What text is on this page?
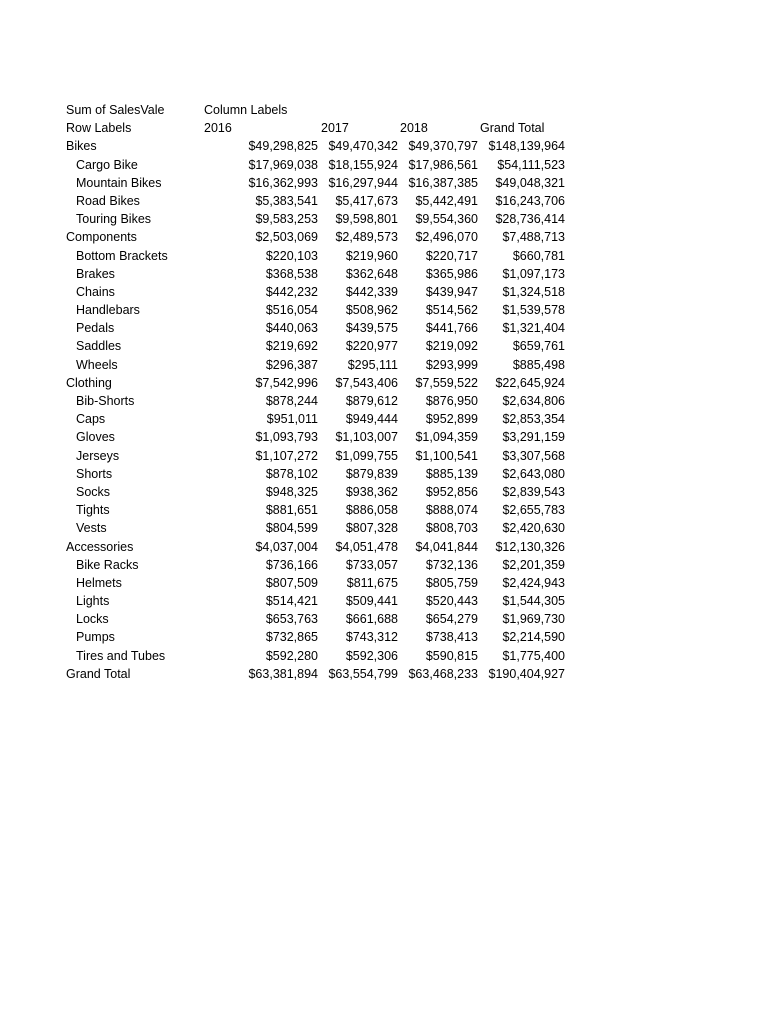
Sum of SalesVale	Column Labels
Row Labels	2016	2017	2018	Grand Total
Bikes	$49,298,825 $49,470,342 $49,370,797 $148,139,964
Cargo Bike	$17,969,038 $18,155,924 $17,986,561	$54,111,523
Mountain Bikes	$16,362,993 $16,297,944 $16,387,385	$49,048,321
Road Bikes	$5,383,541	$5,417,673	$5,442,491	$16,243,706
Touring Bikes	$9,583,253	$9,598,801	$9,554,360	$28,736,414
Components	$2,503,069	$2,489,573	$2,496,070	$7,488,713
Bottom Brackets	$220,103	$219,960	$220,717	$660,781
Brakes	$368,538	$362,648	$365,986	$1,097,173
Chains	$442,232	$442,339	$439,947	$1,324,518
Handlebars	$516,054	$508,962	$514,562	$1,539,578
Pedals	$440,063	$439,575	$441,766	$1,321,404
Saddles	$219,692	$220,977	$219,092	$659,761
Wheels	$296,387	$295,111	$293,999	$885,498
Clothing	$7,542,996	$7,543,406	$7,559,522	$22,645,924
Bib-Shorts	$878,244	$879,612	$876,950	$2,634,806
Caps	$951,011	$949,444	$952,899	$2,853,354
Gloves	$1,093,793	$1,103,007	$1,094,359	$3,291,159
Jerseys	$1,107,272	$1,099,755	$1,100,541	$3,307,568
Shorts	$878,102	$879,839	$885,139	$2,643,080
Socks	$948,325	$938,362	$952,856	$2,839,543
Tights	$881,651	$886,058	$888,074	$2,655,783
Vests	$804,599	$807,328	$808,703	$2,420,630
Accessories	$4,037,004	$4,051,478	$4,041,844	$12,130,326
Bike Racks	$736,166	$733,057	$732,136	$2,201,359
Helmets	$807,509	$811,675	$805,759	$2,424,943
Lights	$514,421	$509,441	$520,443	$1,544,305
Locks	$653,763	$661,688	$654,279	$1,969,730
Pumps	$732,865	$743,312	$738,413	$2,214,590
Tires and Tubes	$592,280	$592,306	$590,815	$1,775,400
Grand Total	$63,381,894 $63,554,799 $63,468,233 $190,404,927
